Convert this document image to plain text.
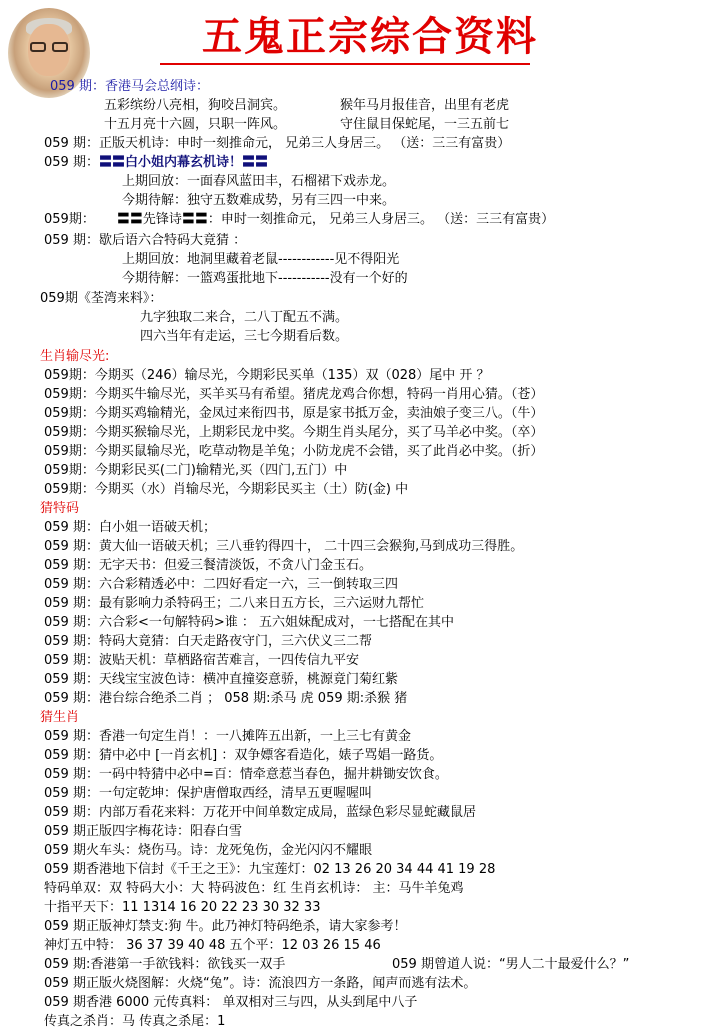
五鬼正宗综合资料
059 期：香港马会总纲诗：
五彩缤纷八亮相，狗咬吕洞宾。	猴年马月报佳音，出里有老虎
十五月亮十六圆，只职一阵风。	守住鼠目保蛇尾，一三五前七
059 期：正版天机诗：申时一刻推命元， 兄弟三人身居三。 （送：三三有富贵）
059 期：〓〓白小姐内幕玄机诗！〓〓
上期回放：一面春风蓝田丰，石榴裙下戏赤龙。
今期待解：独守五数难成势，另有三四一中来。
059期： 〓〓先锋诗〓〓：申时一刻推命元， 兄弟三人身居三。 （送：三三有富贵）
059 期：歇后语六合特码大竟猜 ：
上期回放：地洞里藏着老鼠------------见不得阳光
今期待解：一篮鸡蛋批地下-----------没有一个好的
059期《荃湾来料》：
九字独取二来合，二八丁配五不满。
四六当年有走运，三七今期看后数。
生肖输尽光:
059期：今期买（246）输尽光，今期彩民买单（135）双（028）尾中 开 ？
059期：今期买牛输尽光，买羊买马有希望。猪虎龙鸡合你想，特码一肖用心猜。（苍）
059期：今期买鸡输精光，金凤过来衔四书，原是家书抵万金，卖油娘子变三八。（牛）
059期：今期买猴输尽光，上期彩民龙中奖。今期生肖头尾分，买了马羊必中奖。（卒）
059期：今期买鼠输尽光，吃草动物是羊兔；小防龙虎不会错，买了此肖必中奖。（折）
059期：今期彩民买(二门)输精光,买（四门,五门）中
059期：今期买（水）肖输尽光，今期彩民买主（土）防(金) 中
猜特码
059 期：白小姐一语破天机；
059 期：黄大仙一语破天机；三八垂钓得四十， 二十四三会猴狗,马到成功三得胜。
059 期：无字天书：但爱三餐清淡饭，不贪八门金玉石。
059 期：六合彩精透必中：二四好看定一六，三一倒转取三四
059 期：最有影响力杀特码王；二八来日五方长，三六运财九帮忙
059 期：六合彩<一句解特码>谁 ： 五六姐妹配成对，一七搭配在其中
059 期：特码大竟猜：白天走路夜守门，三六伏义三二帮
059 期：波贴天机：草栖路宿苦难言，一四传信九平安
059 期：天线宝宝波色诗：横冲直撞姿意骄，桃源竟门菊红紫
059 期：港台综合绝杀二肖 ； 058 期:杀马 虎 059 期:杀猴 猪
猜生肖
059 期：香港一句定生肖！：一八摊阵五出新，一上三七有黄金
059 期：猜中必中 [一肖玄机] ：双争嫖客看造化，婊子骂娼一路货。
059 期：一码中特猜中必中=百：情牵意惹当春色，掘井耕锄安饮食。
059 期：一句定乾坤：保护唐僧取西经，清早五更喔喔叫
059 期：内部万看花来料：万花开中间单数定成局，蓝绿色彩尽显蛇藏鼠居
059 期正版四字梅花诗：阳春白雪
059 期火车头：烧伤马。诗：龙死兔伤，金光闪闪不耀眼
059 期香港地下信封《千王之王》：九宝莲灯：02 13 26 20 34 44 41 19 28
特码单双：双 特码大小：大 特码波色：红 生肖玄机诗： 主：马牛羊兔鸡
十指平天下：11 1314 16 20 22 23 30 32 33
059 期正版神灯禁支:狗 牛。此乃神灯特码绝杀，请大家参考！
神灯五中特： 36 37 39 40 48 五个平：12 03 26 15 46
059 期:香港第一手欲钱料：欲钱买一双手	059 期曾道人说：“男人二十最爱什么？”
059 期正版火烧图解：火烧“兔”。诗：流浪四方一条路，闻声而逃有法术。
059 期香港 6000 元传真料： 单双相对三与四，从头到尾中八子
传真之杀肖：马 传真之杀尾：1
